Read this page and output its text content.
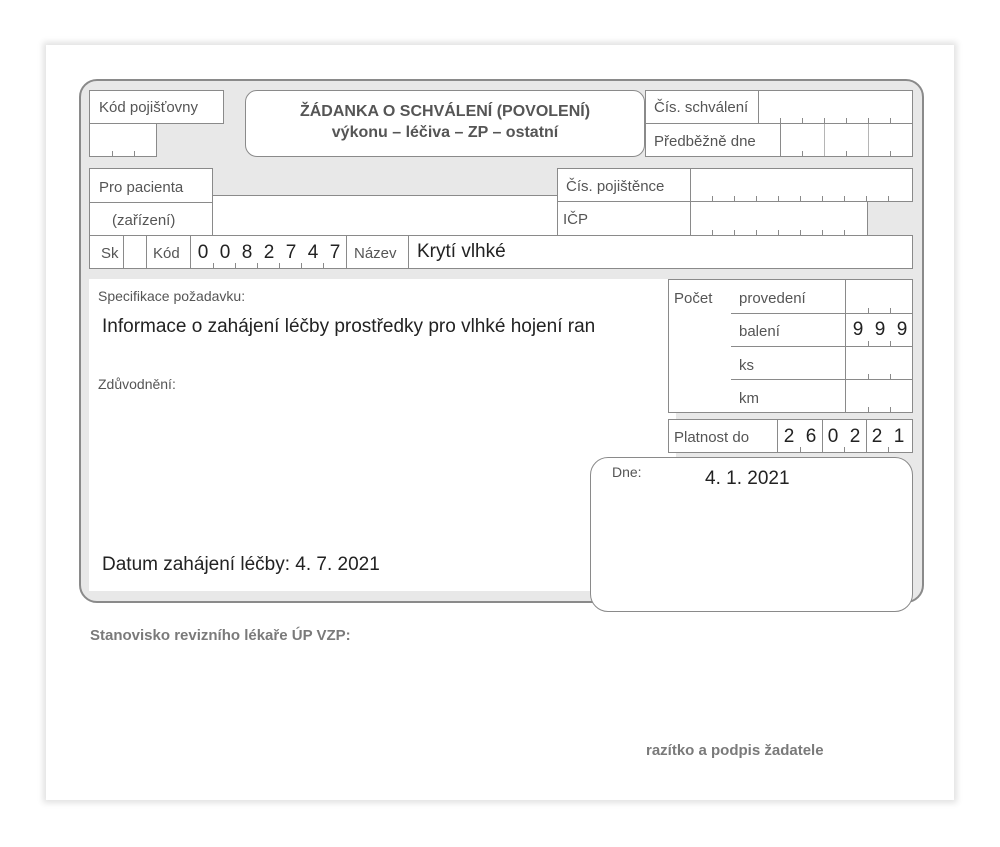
Kód pojišťovny	ŽÁDANKA O SCHVÁLENÍ (POVOLENÍ)
výkonu – léčiva – ZP – ostatní
Čís. schválení
Předběžně dne
Pro pacienta
(zařízení)
Čís. pojištěnce
IČP
Sk Kód 0 0 8 2 7 4 7 Název Krytí vlhké
Specifikace požadavku:
Informace o zahájení léčby prostředky pro vlhké hojení ran
Zdůvodnění:
Datum zahájení léčby: 4. 7. 2021
Počet provedení
balení
ks
km
9 9 9
Platnost do 2 6 0 2 2 1
Dne:	4. 1. 2021
Stanovisko revizního lékaře ÚP VZP:
razítko a podpis žadatele
